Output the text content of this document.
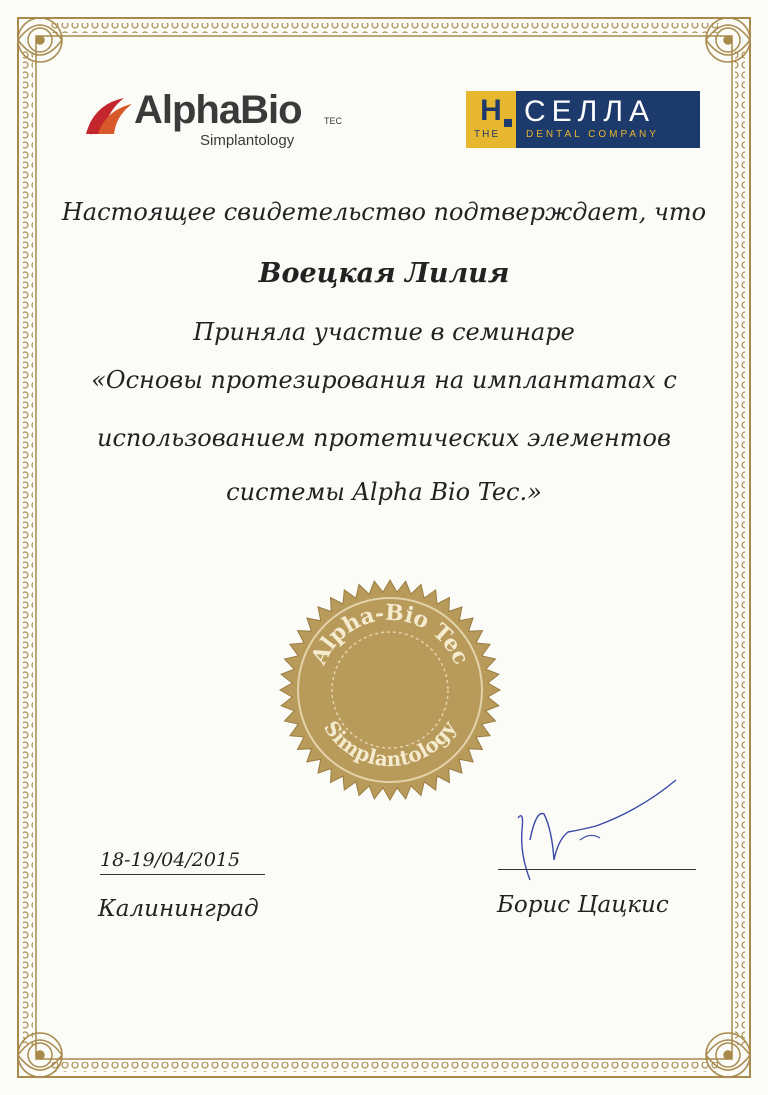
AlphaBio TEC
Simplantology
Н СЕЛЛА
THE	DENTAL COMPANY
Настоящее свидетельство подтверждает, что
Воецкая Лилия
Приняла участие в семинаре
«Основы протезирования на имплантатах с
использованием протетических элементов
системы Alpha Bio Tec.»
Alpha-Bio Tec
Simplantology
18-19/04/2015
Калининград	Борис Цацкис
